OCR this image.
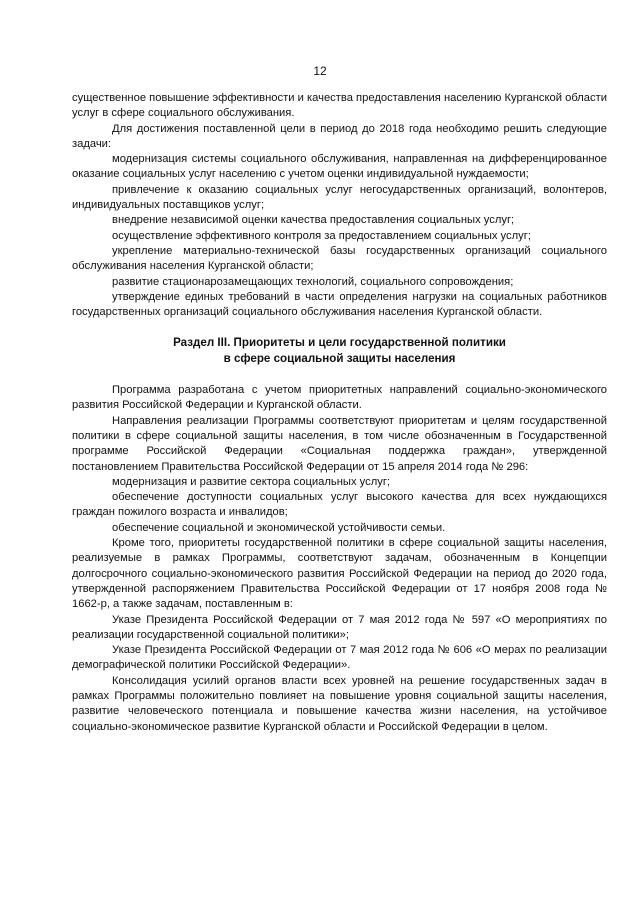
12

существенное повышение эффективности и качества предоставления населению Курганской области услуг в сфере социального обслуживания.

Для достижения поставленной цели в период до 2018 года необходимо решить следующие задачи:

модернизация системы социального обслуживания, направленная на дифференцированное оказание социальных услуг населению с учетом оценки индивидуальной нуждаемости;

привлечение к оказанию социальных услуг негосударственных организаций, волонтеров, индивидуальных поставщиков услуг;

внедрение независимой оценки качества предоставления социальных услуг;

осуществление эффективного контроля за предоставлением социальных услуг;

укрепление материально-технической базы государственных организаций социального обслуживания населения Курганской области;

развитие стационарозамещающих технологий, социального сопровождения;

утверждение единых требований в части определения нагрузки на социальных работников государственных организаций социального обслуживания населения Курганской области.

Раздел III. Приоритеты и цели государственной политики
в сфере социальной защиты населения

Программа разработана с учетом приоритетных направлений социально-экономического развития Российской Федерации и Курганской области.

Направления реализации Программы соответствуют приоритетам и целям государственной политики в сфере социальной защиты населения, в том числе обозначенным в Государственной программе Российской Федерации «Социальная поддержка граждан», утвержденной постановлением Правительства Российской Федерации от 15 апреля 2014 года № 296:

модернизация и развитие сектора социальных услуг;

обеспечение доступности социальных услуг высокого качества для всех нуждающихся граждан пожилого возраста и инвалидов;

обеспечение социальной и экономической устойчивости семьи.

Кроме того, приоритеты государственной политики в сфере социальной защиты населения, реализуемые в рамках Программы, соответствуют задачам, обозначенным в Концепции долгосрочного социально-экономического развития Российской Федерации на период до 2020 года, утвержденной распоряжением Правительства Российской Федерации от 17 ноября 2008 года № 1662-р, а также задачам, поставленным в:

Указе Президента Российской Федерации от 7 мая 2012 года № 597 «О мероприятиях по реализации государственной социальной политики»;

Указе Президента Российской Федерации от 7 мая 2012 года № 606 «О мерах по реализации демографической политики Российской Федерации».

Консолидация усилий органов власти всех уровней на решение государственных задач в рамках Программы положительно повлияет на повышение уровня социальной защиты населения, развитие человеческого потенциала и повышение качества жизни населения, на устойчивое социально-экономическое развитие Курганской области и Российской Федерации в целом.
